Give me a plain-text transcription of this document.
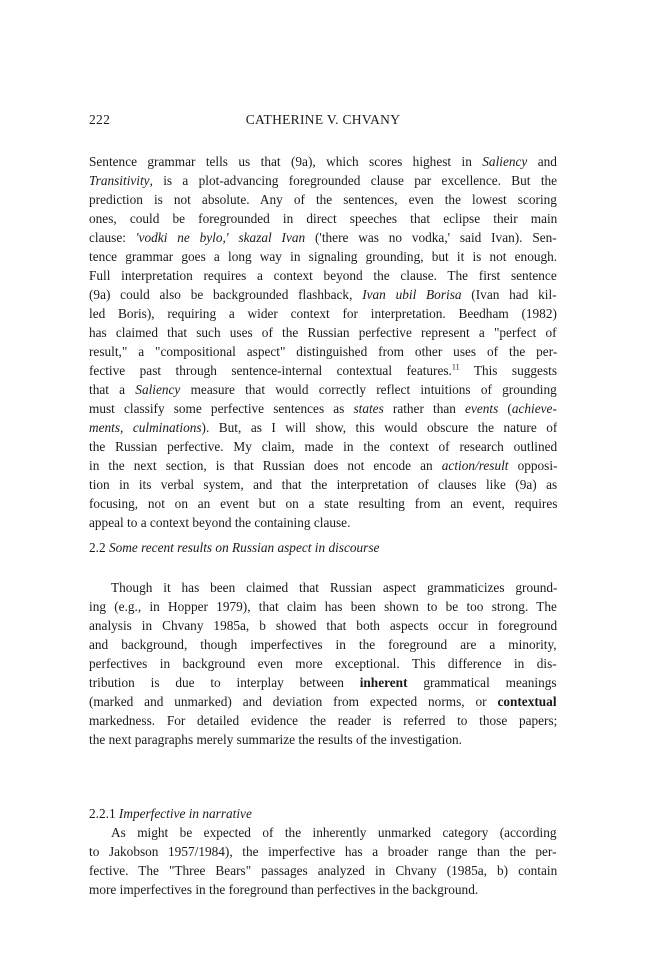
222	CATHERINE V. CHVANY
Sentence grammar tells us that (9a), which scores highest in Saliency and
Transitivity, is a plot-advancing foregrounded clause par excellence. But the
prediction is not absolute. Any of the sentences, even the lowest scoring
ones, could be foregrounded in direct speeches that eclipse their main
clause: 'vodki ne bylo,' skazal Ivan ('there was no vodka,' said Ivan). Sen-
tence grammar goes a long way in signaling grounding, but it is not enough.
Full interpretation requires a context beyond the clause. The first sentence
(9a) could also be backgrounded flashback, Ivan ubil Borisa (Ivan had kil-
led Boris), requiring a wider context for interpretation. Beedham (1982)
has claimed that such uses of the Russian perfective represent a "perfect of
result," a "compositional aspect" distinguished from other uses of the per-
fective past through sentence-internal contextual features.$^{11}$ This suggests
that a Saliency measure that would correctly reflect intuitions of grounding
must classify some perfective sentences as states rather than events (achieve-
ments, culminations). But, as I will show, this would obscure the nature of
the Russian perfective. My claim, made in the context of research outlined
in the next section, is that Russian does not encode an action/result opposi-
tion in its verbal system, and that the interpretation of clauses like (9a) as
focusing, not on an event but on a state resulting from an event, requires
appeal to a context beyond the containing clause.
2.2 Some recent results on Russian aspect in discourse
Though it has been claimed that Russian aspect grammaticizes ground-
ing (e.g., in Hopper 1979), that claim has been shown to be too strong. The
analysis in Chvany 1985a, b showed that both aspects occur in foreground
and background, though imperfectives in the foreground are a minority,
perfectives in background even more exceptional. This difference in dis-
tribution is due to interplay between inherent grammatical meanings
(marked and unmarked) and deviation from expected norms, or contextual
markedness. For detailed evidence the reader is referred to those papers;
the next paragraphs merely summarize the results of the investigation.
2.2.1 Imperfective in narrative
As might be expected of the inherently unmarked category (according
to Jakobson 1957/1984), the imperfective has a broader range than the per-
fective. The "Three Bears" passages analyzed in Chvany (1985a, b) contain
more imperfectives in the foreground than perfectives in the background.
